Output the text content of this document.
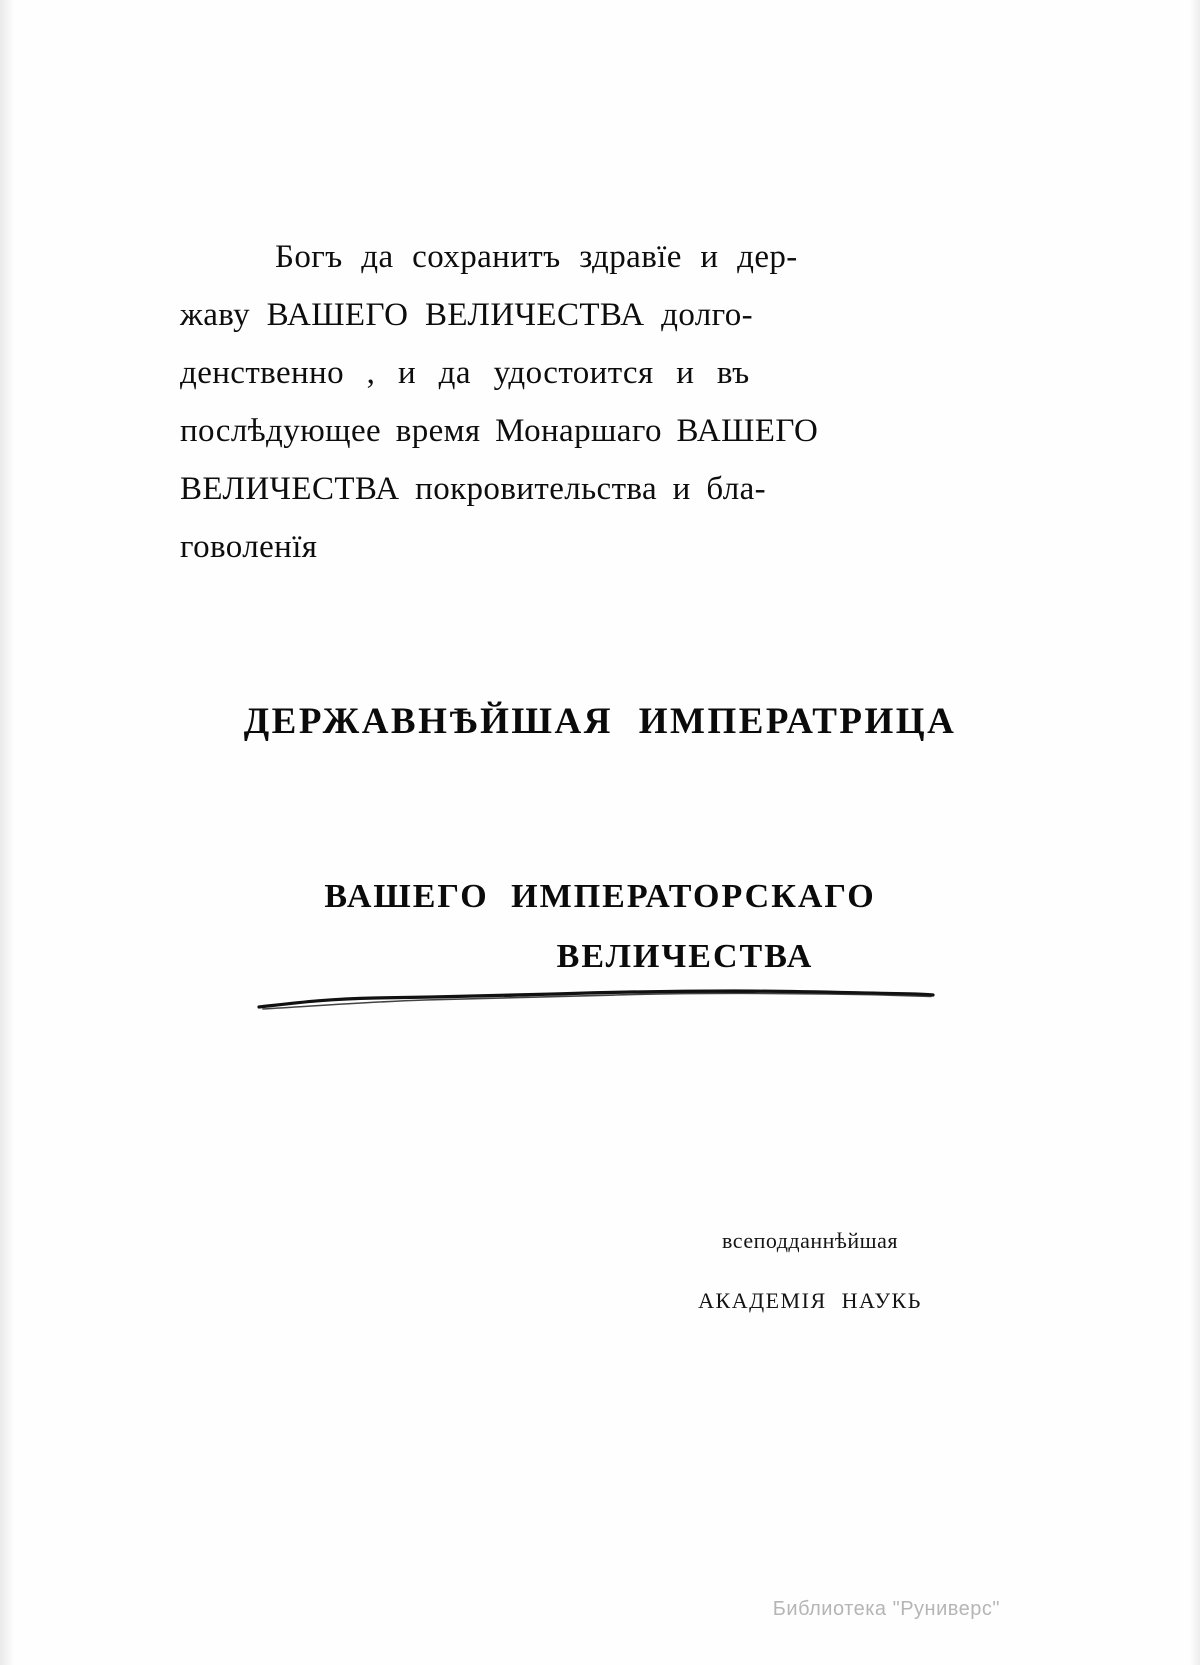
Богъ да сохранитъ здравїе и дер-
жаву ВАШЕГО ВЕЛИЧЕСТВА долго-
денственно , и да удостоится и въ
послѣдующее время Монаршаго ВАШЕГО
ВЕЛИЧЕСТВА покровительства и бла-
говоленїя
ДЕРЖАВНѢЙШАЯ ИМПЕРАТРИЦА
ВАШЕГО ИМПЕРАТОРСКАГО
ВЕЛИЧЕСТВА
всеподданнѣйшая
АКАДЕМІЯ НАУКЬ
Библиотека "Руниверс"
